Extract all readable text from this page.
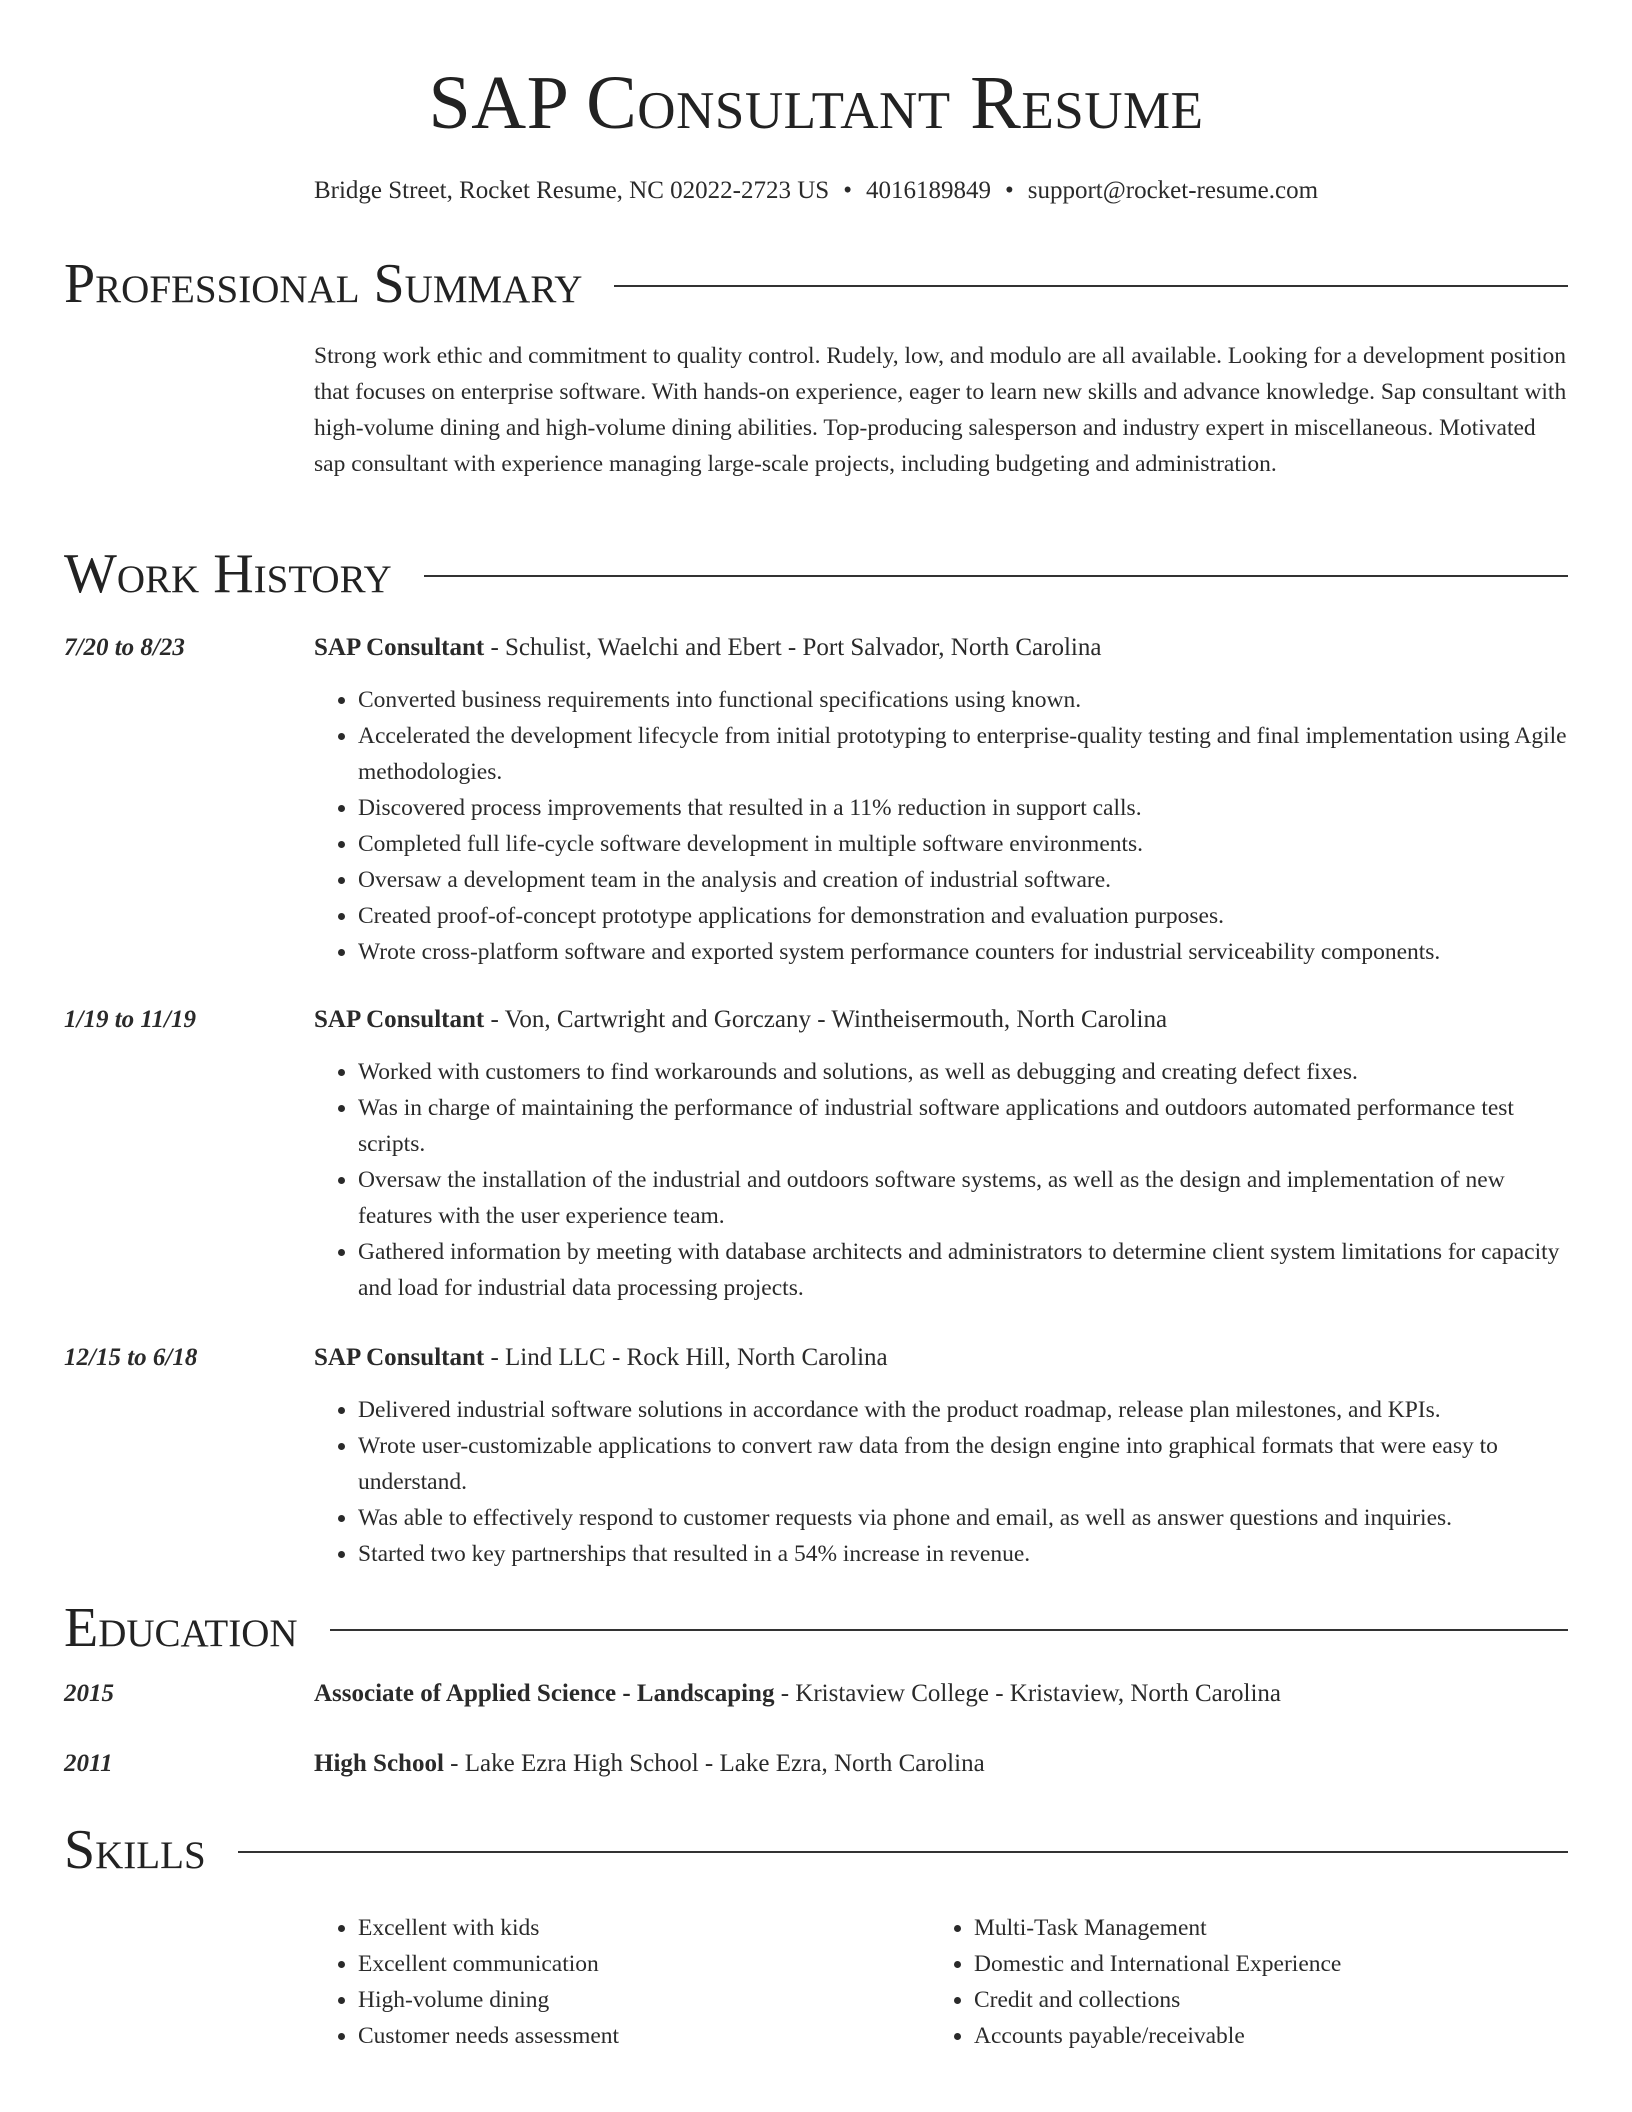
SAP Consultant Resume
Bridge Street, Rocket Resume, NC 02022-2723 US • 4016189849 • support@rocket-resume.com
Professional Summary

Strong work ethic and commitment to quality control. Rudely, low, and modulo are all available. Looking for a development position that focuses on enterprise software. With hands-on experience, eager to learn new skills and advance knowledge. Sap consultant with high-volume dining and high-volume dining abilities. Top-producing salesperson and industry expert in miscellaneous. Motivated sap consultant with experience managing large-scale projects, including budgeting and administration.

Work History
7/20 to 8/23	SAP Consultant - Schulist, Waelchi and Ebert - Port Salvador, North Carolina
• Converted business requirements into functional specifications using known.
• Accelerated the development lifecycle from initial prototyping to enterprise-quality testing and final implementation using Agile methodologies.
• Discovered process improvements that resulted in a 11% reduction in support calls.
• Completed full life-cycle software development in multiple software environments.
• Oversaw a development team in the analysis and creation of industrial software.
• Created proof-of-concept prototype applications for demonstration and evaluation purposes.
• Wrote cross-platform software and exported system performance counters for industrial serviceability components.
1/19 to 11/19	SAP Consultant - Von, Cartwright and Gorczany - Wintheisermouth, North Carolina
• Worked with customers to find workarounds and solutions, as well as debugging and creating defect fixes.
• Was in charge of maintaining the performance of industrial software applications and outdoors automated performance test scripts.
• Oversaw the installation of the industrial and outdoors software systems, as well as the design and implementation of new features with the user experience team.
• Gathered information by meeting with database architects and administrators to determine client system limitations for capacity and load for industrial data processing projects.
12/15 to 6/18	SAP Consultant - Lind LLC - Rock Hill, North Carolina
• Delivered industrial software solutions in accordance with the product roadmap, release plan milestones, and KPIs.
• Wrote user-customizable applications to convert raw data from the design engine into graphical formats that were easy to understand.
• Was able to effectively respond to customer requests via phone and email, as well as answer questions and inquiries.
• Started two key partnerships that resulted in a 54% increase in revenue.
Education
2015	Associate of Applied Science - Landscaping - Kristaview College - Kristaview, North Carolina
2011	High School - Lake Ezra High School - Lake Ezra, North Carolina
Skills
• Excellent with kids
• Excellent communication
• High-volume dining
• Customer needs assessment
• Multi-Task Management
• Domestic and International Experience
• Credit and collections
• Accounts payable/receivable
